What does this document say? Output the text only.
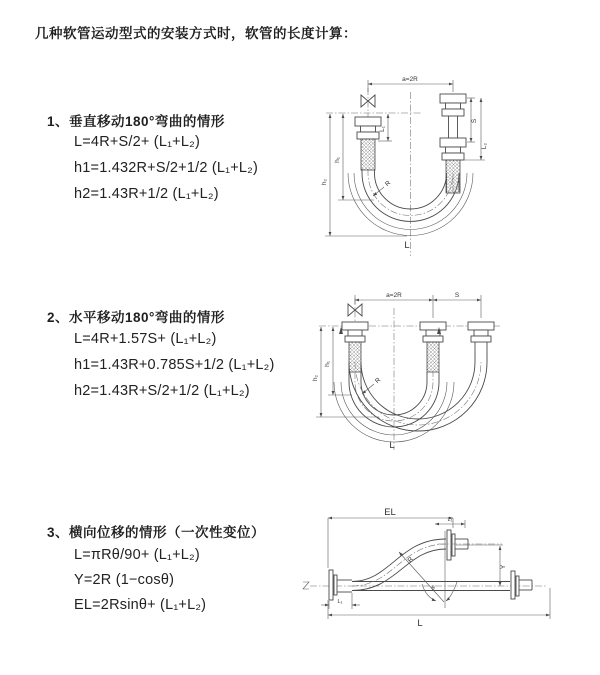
几种软管运动型式的安装方式时，软管的长度计算：
1、垂直移动180°弯曲的情形
L=4R+S/2+ (L₁+L₂)
h1=1.432R+S/2+1/2 (L₁+L₂)
h2=1.43R+1/2 (L₁+L₂)
2、水平移动180°弯曲的情形
L=4R+1.57S+ (L₁+L₂)
h1=1.43R+0.785S+1/2 (L₁+L₂)
h2=1.43R+S/2+1/2 (L₁+L₂)
3、横向位移的情形（一次性变位）
L=πRθ/90+ (L₁+L₂)
Y=2R (1−cosθ)
EL=2Rsinθ+ (L₁+L₂)
a=2R
L₁
S
L₂
h₁
h₂	R
L
a=2R	S
h₁
h₂	R
L
EL
L₁
Y
R
θ
L
L₁
